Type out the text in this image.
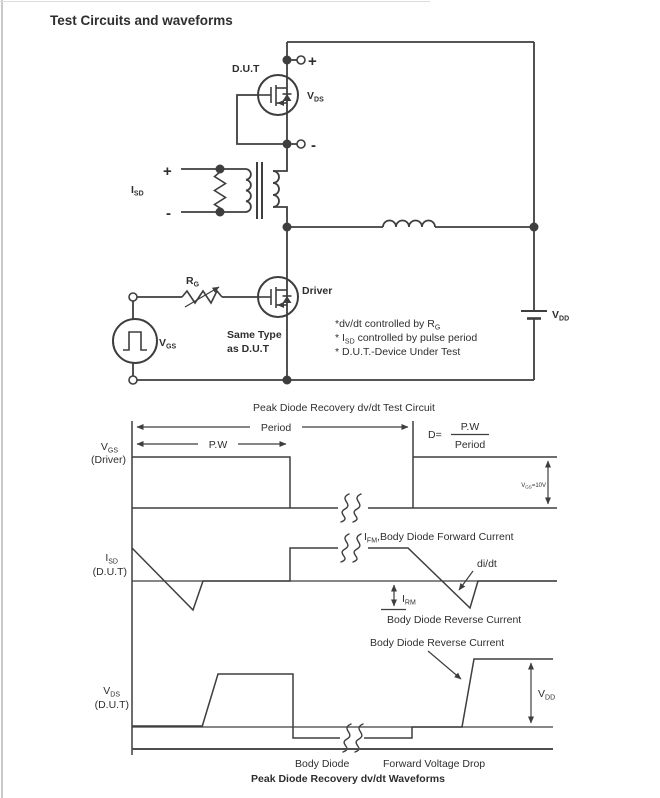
Test Circuits and waveforms
D.U.T
$V_{DS}$
+
-
+
-
$I_{SD}$
$R_G$
$V_{GS}$
Driver
Same Type
as D.U.T
$V_{DD}$
*dv/dt controlled by $R_G$
* $I_{SD}$ controlled by pulse period
* D.U.T.-Device Under Test
Peak Diode Recovery dv/dt Test Circuit
$V_{GS}$
(Driver)
Period
P.W
D=
P.W
Period
$V_{GS}=10V$
$I_{SD}$
(D.U.T)
$I_{FM},Body$ Diode Forward Current
di/dt
$I_{RM}$
Body Diode Reverse Current
$V_{DS}$
(D.U.T)
Body Diode Reverse Current
$V_{DD}$
Body Diode	Forward Voltage Drop
Peak Diode Recovery dv/dt Waveforms
